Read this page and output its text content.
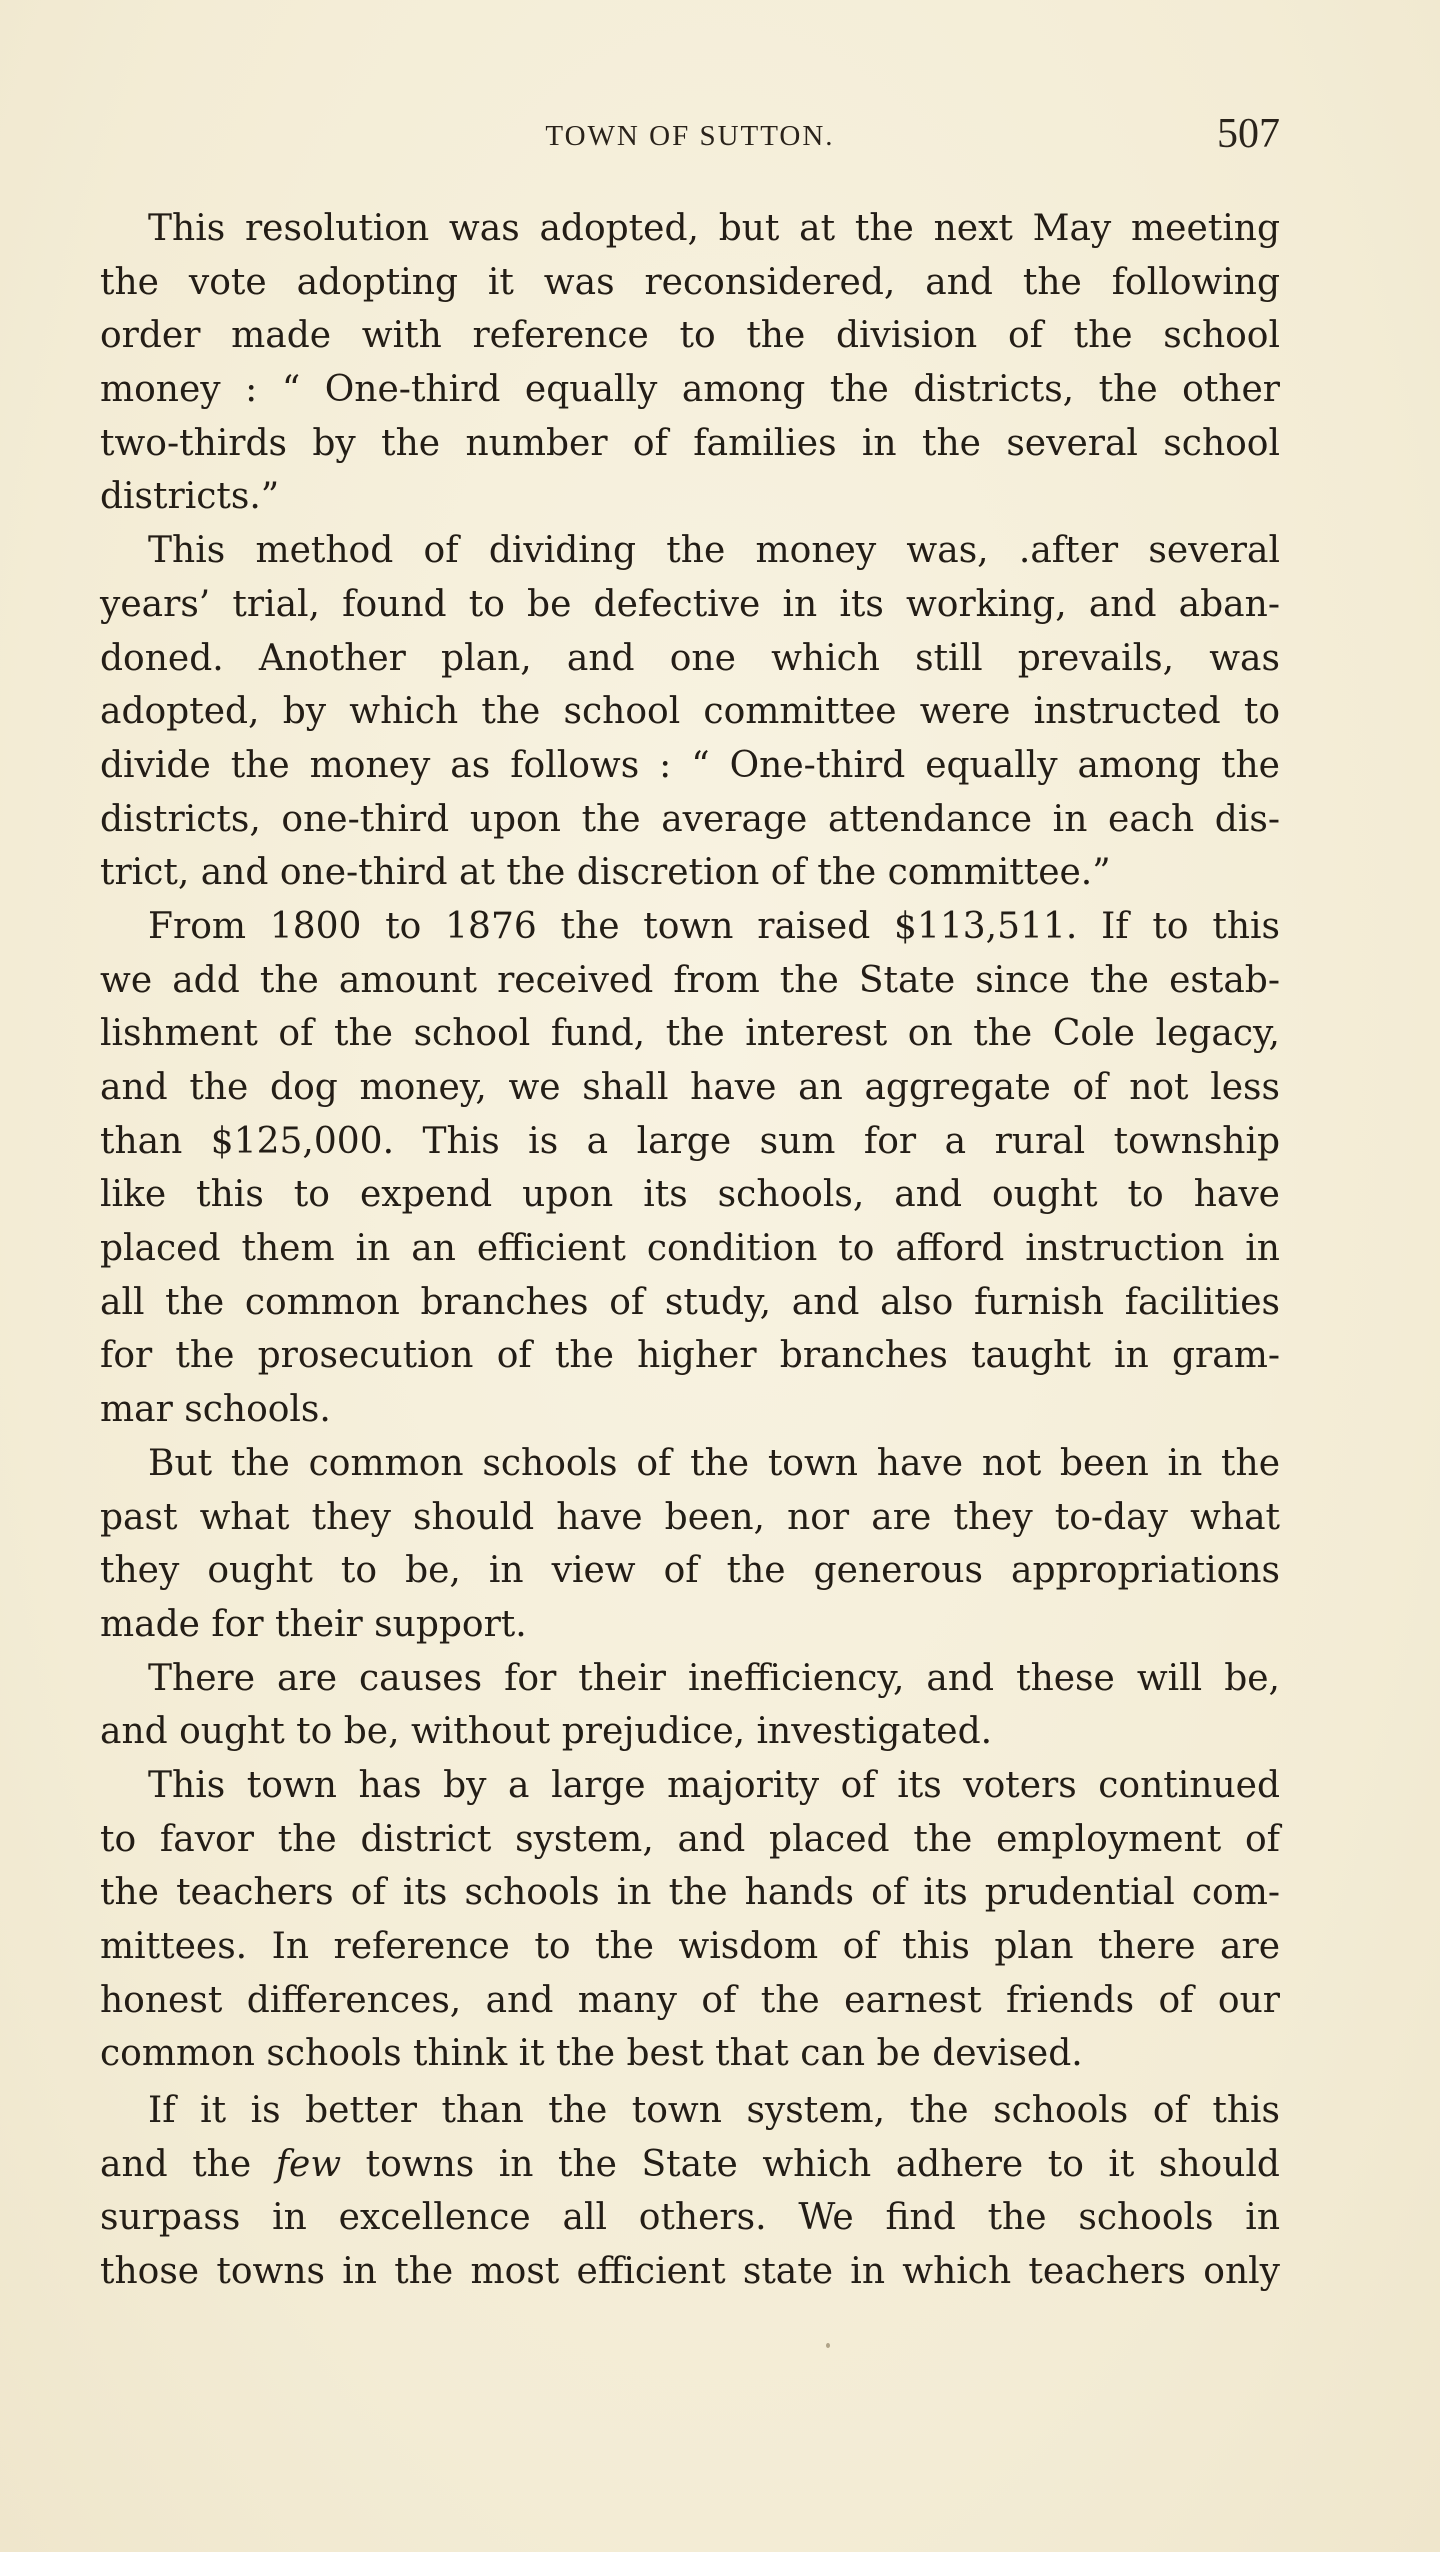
TOWN OF SUTTON.	507
This resolution was adopted, but at the next May meeting
the vote adopting it was reconsidered, and the following
order made with reference to the division of the school
money : “ One-third equally among the districts, the other
two-thirds by the number of families in the several school
districts.”
This method of dividing the money was, .after several
years’ trial, found to be defective in its working, and aban-
doned. Another plan, and one which still prevails, was
adopted, by which the school committee were instructed to
divide the money as follows : “ One-third equally among the
districts, one-third upon the average attendance in each dis-
trict, and one-third at the discretion of the committee.”
From 1800 to 1876 the town raised $113,511. If to this
we add the amount received from the State since the estab-
lishment of the school fund, the interest on the Cole legacy,
and the dog money, we shall have an aggregate of not less
than $125,000. This is a large sum for a rural township
like this to expend upon its schools, and ought to have
placed them in an efficient condition to afford instruction in
all the common branches of study, and also furnish facilities
for the prosecution of the higher branches taught in gram-
mar schools.
But the common schools of the town have not been in the
past what they should have been, nor are they to-day what
they ought to be, in view of the generous appropriations
made for their support.
There are causes for their inefficiency, and these will be,
and ought to be, without prejudice, investigated.
This town has by a large majority of its voters continued
to favor the district system, and placed the employment of
the teachers of its schools in the hands of its prudential com-
mittees. In reference to the wisdom of this plan there are
honest differences, and many of the earnest friends of our
common schools think it the best that can be devised.
If it is better than the town system, the schools of this
and the few towns in the State which adhere to it should
surpass in excellence all others. We find the schools in
those towns in the most efficient state in which teachers only
